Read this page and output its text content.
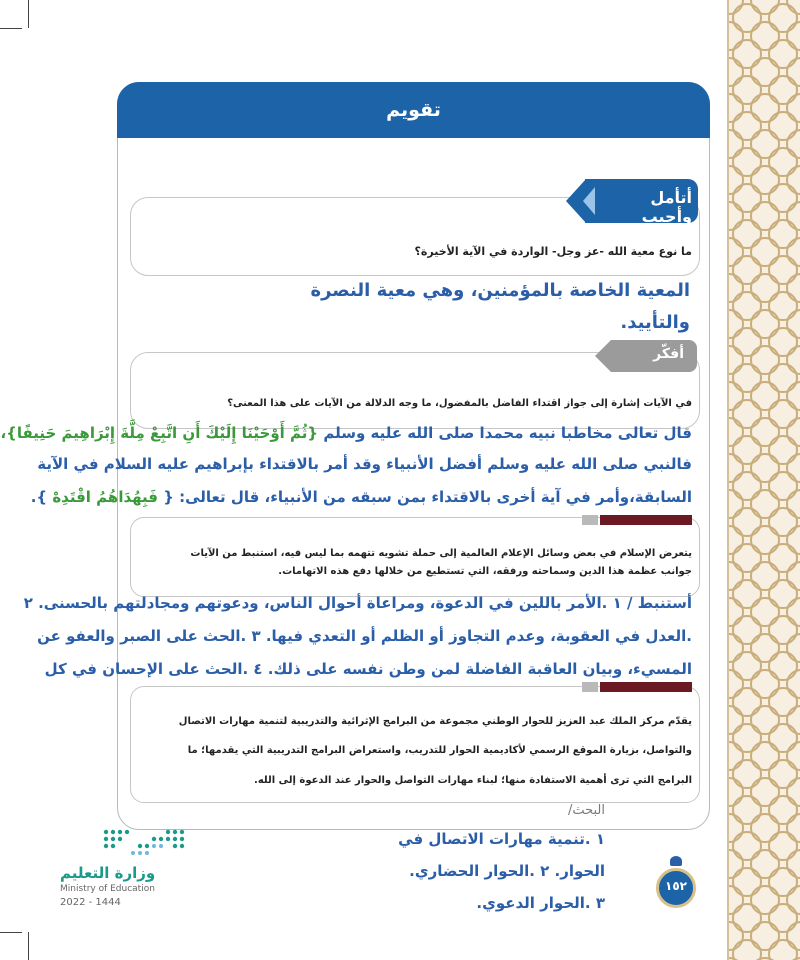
تقويم
أتأمل وأجيب
ما نوع معية الله -عز وجل- الواردة في الآية الأخيرة؟
المعية الخاصة بالمؤمنين، وهي معية النصرة
والتأييد.
أفكّر
في الآيات إشارة إلى جواز اقتداء الفاضل بالمفضول، ما وجه الدلالة من الآيات على هذا المعنى؟
قال تعالى مخاطبا نبيه محمدا صلى الله عليه وسلم {ثُمَّ أَوْحَيْنَا إِلَيْكَ أَنِ اتَّبِعْ مِلَّةَ إِبْرَاهِيمَ حَنِيفًا}،
فالنبي صلى الله عليه وسلم أفضل الأنبياء وقد أمر بالاقتداء بإبراهيم عليه السلام في الآية
السابقة،وأمر في آية أخرى بالاقتداء بمن سبقه من الأنبياء، قال تعالى: { فَبِهُدَاهُمُ اقْتَدِهْ }.
يتعرض الإسلام في بعض وسائل الإعلام العالمية إلى حملة تشويه تتهمه بما ليس فيه، استنبط من الآيات
جوانب عظمة هذا الدين وسماحته ورفقه، التي تستطيع من خلالها دفع هذه الاتهامات.
أستنبط / ١ .الأمر باللين في الدعوة، ومراعاة أحوال الناس، ودعوتهم ومجادلتهم بالحسنى. ٢
.العدل في العقوبة، وعدم التجاوز أو الظلم أو التعدي فيها. ٣ .الحث على الصبر والعفو عن
المسيء، وبيان العاقبة الفاضلة لمن وطن نفسه على ذلك. ٤ .الحث على الإحسان في كل
يقدّم مركز الملك عبد العزيز للحوار الوطني مجموعة من البرامج الإثرائية والتدريبية لتنمية مهارات الاتصال
والتواصل، بزيارة الموقع الرسمي لأكاديمية الحوار للتدريب، واستعراض البرامج التدريبية التي يقدمها؛ ما
البرامج التي ترى أهمية الاستفادة منها؛ لبناء مهارات التواصل والحوار عند الدعوة إلى الله.
البحث/
١ .تنمية مهارات الاتصال في
الحوار. ٢ .الحوار الحضاري.
٣ .الحوار الدعوي.
١٥٢
وزارة التعليم
Ministry of Education
2022 - 1444
